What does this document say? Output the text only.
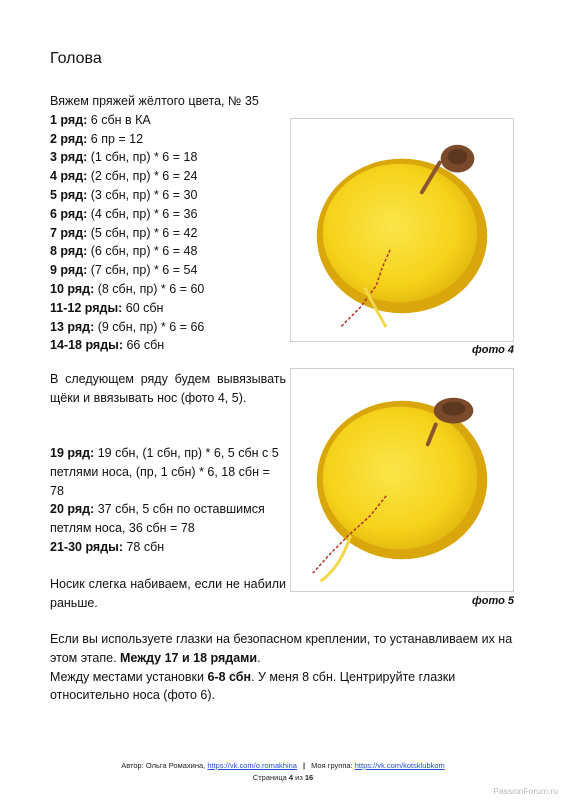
Голова

Вяжем пряжей жёлтого цвета, № 35

1 ряд: 6 сбн в КА

2 ряд: 6 пр = 12

3 ряд: (1 сбн, пр) * 6 = 18

4 ряд: (2 сбн, пр) * 6 = 24

5 ряд: (3 сбн, пр) * 6 = 30

6 ряд: (4 сбн, пр) * 6 = 36

7 ряд: (5 сбн, пр) * 6 = 42

8 ряд: (6 сбн, пр) * 6 = 48

9 ряд: (7 сбн, пр) * 6 = 54

10 ряд: (8 сбн, пр) * 6 = 60

11-12 ряды: 60 сбн

13 ряд: (9 сбн, пр) * 6 = 66

14-18 ряды: 66 сбн

В следующем ряду будем вывязывать щёки и ввязывать нос (фото 4, 5).

19 ряд: 19 сбн, (1 сбн, пр) * 6, 5 сбн с 5 петлями носа, (пр, 1 сбн) * 6, 18 сбн = 78

20 ряд: 37 сбн, 5 сбн по оставшимся петлям носа, 36 сбн = 78

21-30 ряды: 78 сбн

Носик слегка набиваем, если не набили раньше.

Если вы используете глазки на безопасном креплении, то устанавливаем их на этом этапе. Между 17 и 18 рядами.

Между местами установки 6-8 сбн. У меня 8 сбн. Центрируйте глазки относительно носа (фото 6).

фото 4
фото 5
Автор: Ольга Ромахина, https://vk.com/o.romakhina | Моя группа: https://vk.com/kotsklubkom
Страница 4 из 16
PassionForum.ru
